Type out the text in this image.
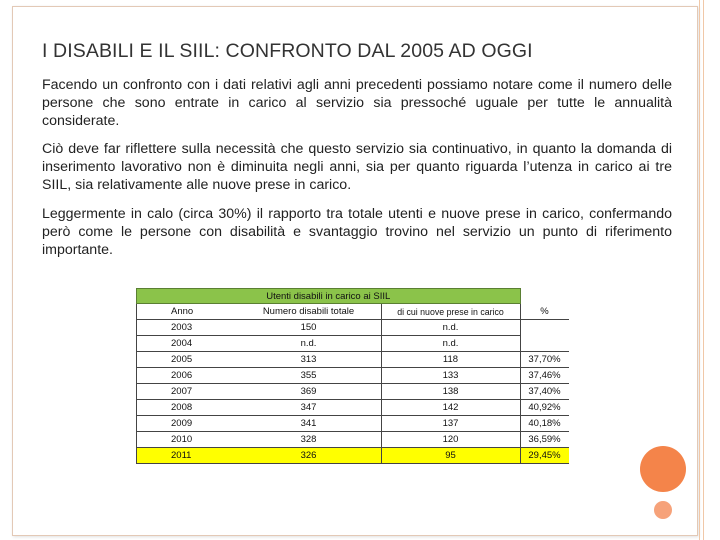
I DISABILI E IL SIIL: CONFRONTO DAL 2005 AD OGGI

Facendo un confronto con i dati relativi agli anni precedenti possiamo notare come il numero delle persone che sono entrate in carico al servizio sia pressoché uguale per tutte le annualità considerate.

Ciò deve far riflettere sulla necessità che questo servizio sia continuativo, in quanto la domanda di inserimento lavorativo non è diminuita negli anni, sia per quanto riguarda l’utenza in carico ai tre SIIL, sia relativamente alle nuove prese in carico.

Leggermente in calo (circa 30%) il rapporto tra totale utenti e nuove prese in carico, confermando però come le persone con disabilità e svantaggio trovino nel servizio un punto di riferimento importante.

Utenti disabili in carico ai SIIL			
Anno	Numero disabili totale	di cui nuove prese in carico	%
2003	150	n.d.	
2004	n.d.	n.d.	
2005	313	118	37,70%
2006	355	133	37,46%
2007	369	138	37,40%
2008	347	142	40,92%
2009	341	137	40,18%
2010	328	120	36,59%
2011	326	95	29,45%
